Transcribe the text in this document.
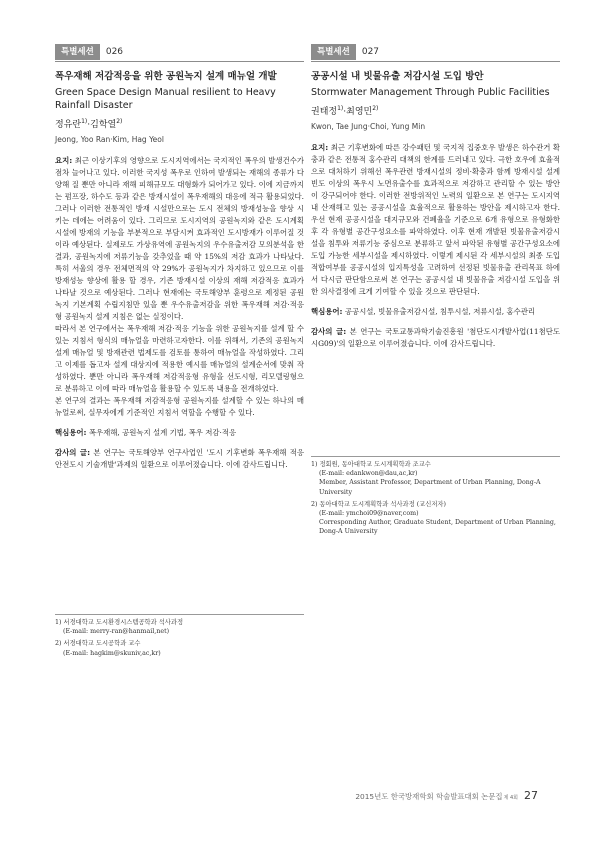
특별세션	026
폭우재해 저감적응을 위한 공원녹지 설계 매뉴얼 개발
Green Space Design Manual resilient to Heavy Rainfall Disaster
정유란$^{1)}$·김학열$^{2)}$
Jeong, Yoo Ran·Kim, Hag Yeol

요지: 최근 이상기후의 영향으로 도시지역에서는 국지적인 폭우의 발생건수가 점차 늘어나고 있다. 이러한 국지성 폭우로 인하여 발생되는 재해의 종류가 다양해 질 뿐만 아니라 재해 피해규모도 대형화가 되어가고 있다. 이에 지금까지는 펌프장, 하수도 등과 같은 방재시설이 폭우재해의 대응에 적극 활용되었다. 그러나 이러한 전통적인 방재 시설만으로는 도시 전체의 방재성능을 향상 시키는 데에는 어려움이 있다. 그리므로 도시지역의 공원녹지와 같은 도시계획시설에 방재의 기능을 부분적으로 부담시켜 효과적인 도시방재가 이루어질 것이라 예상된다. 실제로도 가상유역에 공원녹지의 우수유출저감 모의분석을 한 결과, 공원녹지에 저류기능을 갖추었을 때 약 15%의 저감 효과가 나타났다. 특히 서울의 경우 전체면적의 약 29%가 공원녹지가 차지하고 있으므로 이를 방재성능 향상에 활용 할 경우, 기존 방재시설 이상의 재해 저감적응 효과가 나타날 것으로 예상된다. 그러나 현재에는 국토해양부 훈령으로 제정된 공원녹지 기본계획 수립지침만 있을 뿐 우수유출저감을 위한 폭우재해 저감·적응형 공원녹지 설계 지침은 없는 실정이다.

따라서 본 연구에서는 폭우재해 저감·적응 기능을 위한 공원녹지를 설계 할 수 있는 지침서 형식의 매뉴얼을 마련하고자한다. 이를 위해서, 기존의 공원녹지 설계 매뉴얼 및 방재관련 법제도를 검토를 통하여 매뉴얼을 작성하였다. 그리고 이제를 돕고자 설계 대상지에 적용한 예시를 매뉴얼의 설계순서에 맞춰 작성하였다. 뿐만 아니라 폭우재해 저감적응형 유형을 선도시형, 리모델링형으로 분류하고 이에 따라 매뉴얼을 활용할 수 있도록 내용을 전개하였다.

본 연구의 결과는 폭우재해 저감적응형 공원녹지를 설계할 수 있는 하나의 매뉴얼로써, 실무자에게 기준적인 지침서 역할을 수행할 수 있다.

핵심용어: 폭우재해, 공원녹지 설계 기법, 폭우 저감·적응
감사의 글: 본 연구는 국토해양부 연구사업인 '도시 기후변화 폭우재해 적응 안전도시 기술개발'과제의 일환으로 이루어졌습니다. 이에 감사드립니다.
1) 서경대학교 도시환경시스템공학과 석사과정
(E-mail: merry-ran@hanmail,net)
2) 서경대학교 도시공학과 교수
(E-mail: hagkim@skuniv,ac,kr)
특별세션	027
공공시설 내 빗물유출 저감시설 도입 방안
Stormwater Management Through Public Facilities
권태정$^{1)}$·최영민$^{2)}$
Kwon, Tae Jung·Choi, Yung Min

요지: 최근 기후변화에 따른 강수패턴 및 국지적 집중호우 발생은 하수관거 확충과 같은 전통적 홍수관리 대책의 한계를 드러내고 있다. 극한 호우에 효율적으로 대처하기 위해선 폭우관련 방재시설의 정비·확충과 함께 방재시설 설계빈도 이상의 폭우시 노면유출수를 효과적으로 저감하고 관리할 수 있는 방안이 강구되어야 한다. 이러한 전방위적인 노력의 일환으로 본 연구는 도시지역 내 산재해고 있는 공공시설을 효율적으로 활용하는 방안을 제시하고자 한다. 우선 현재 공공시설을 대지규모와 건폐율을 기준으로 6개 유형으로 유형화한 후 각 유형별 공간구성요소를 파악하였다. 이후 현재 개발된 빗물유출저감시설을 침투와 저류기능 중심으로 분류하고 앞서 파악된 유형별 공간구성요소에 도입 가능한 세부시설을 제시하였다. 이렇게 제시된 각 세부시설의 최종 도입 적합여부를 공공시설의 입지특성을 고려하여 선정된 빗물유출 관리목표 하에서 다시금 판단함으로써 본 연구는 공공시설 내 빗물유출 저감시설 도입을 위한 의사결정에 크게 기여할 수 있을 것으로 판단된다.

핵심용어: 공공시설, 빗물유출저감시설, 침투시설, 저류시설, 홍수관리
감사의 글: 본 연구는 국토교통과학기술진흥원 '첨단도시개발사업(11첨단도시G09)'의 일환으로 이루어졌습니다. 이에 감사드립니다.
1) 정회원, 동아대학교 도시계획학과 조교수
(E-mail: edankwon@dau,ac,kr)
Member, Assistant Professor, Department of Urban Planning, Dong-A University
2) 동아대학교 도시계획학과 석사과정 (교신저자)
(E-mail: ymchoi09@naver,com)
Corresponding Author, Graduate Student, Department of Urban Planning, Dong-A University
2015년도 한국방재학회 학술발표대회 논문집 제 4회 27
